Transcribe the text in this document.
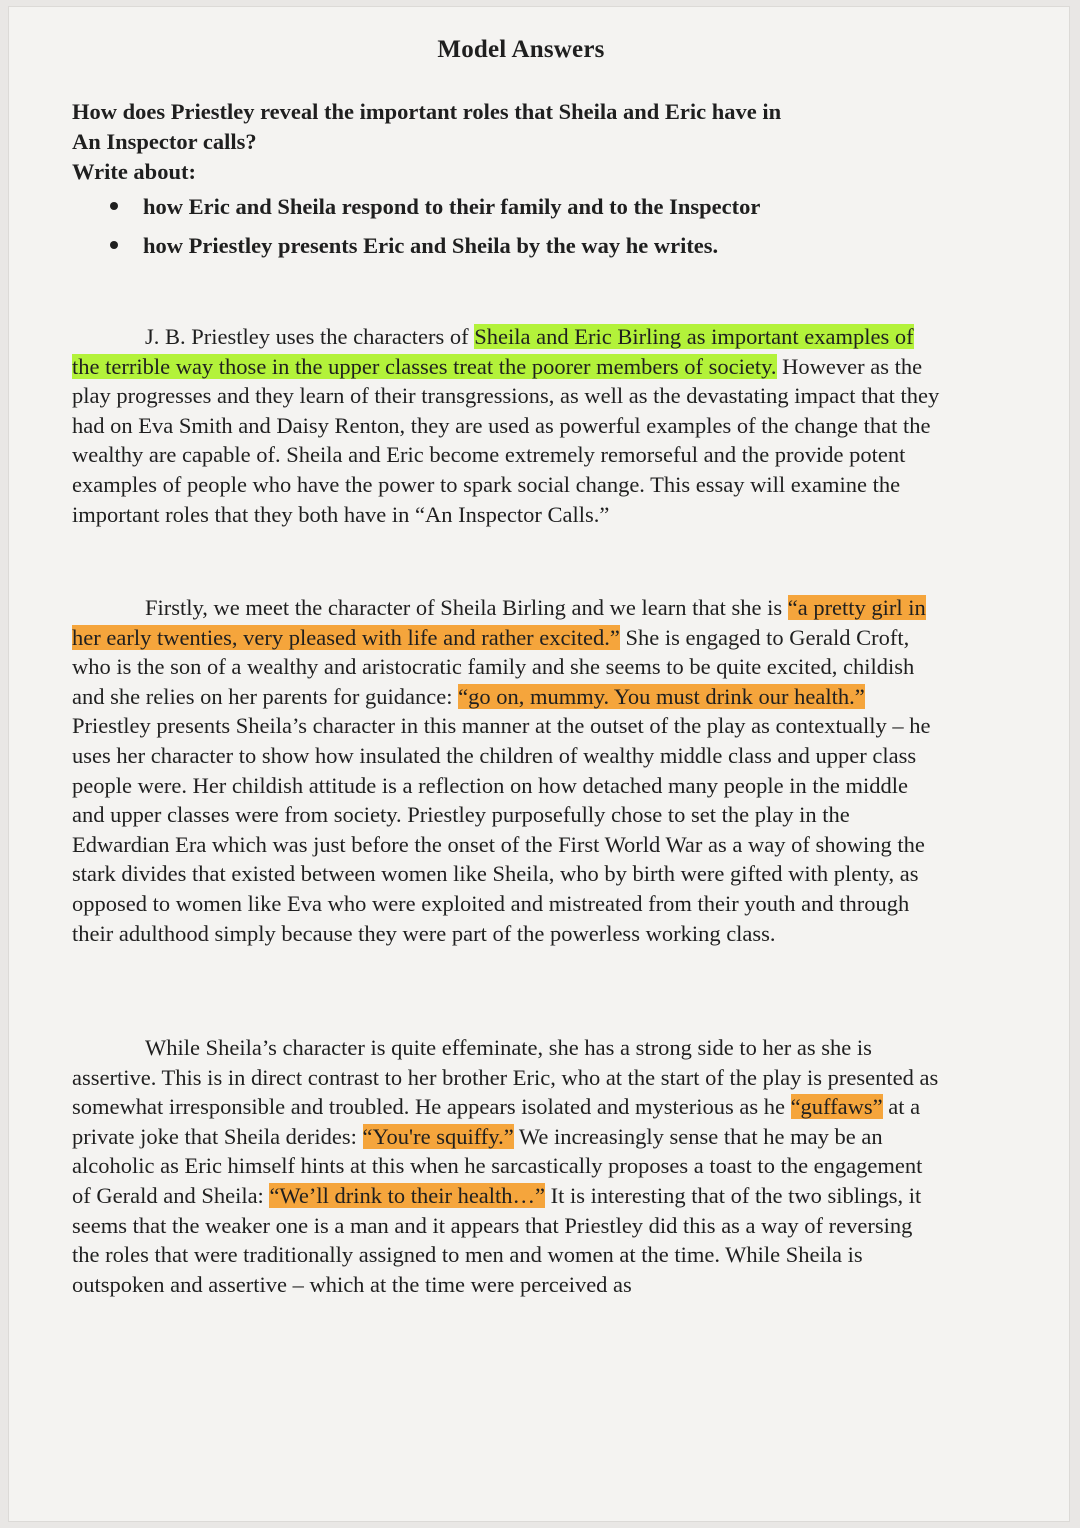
Model Answers

How does Priestley reveal the important roles that Sheila and Eric have in

An Inspector calls?

Write about:

how Eric and Sheila respond to their family and to the Inspector
how Priestley presents Eric and Sheila by the way he writes.

J. B. Priestley uses the characters of Sheila and Eric Birling as important examples of the terrible way those in the upper classes treat the poorer members of society. However as the play progresses and they learn of their transgressions, as well as the devastating impact that they had on Eva Smith and Daisy Renton, they are used as powerful examples of the change that the wealthy are capable of. Sheila and Eric become extremely remorseful and the provide potent examples of people who have the power to spark social change. This essay will examine the important roles that they both have in “An Inspector Calls.”

Firstly, we meet the character of Sheila Birling and we learn that she is “a pretty girl in her early twenties, very pleased with life and rather excited.” She is engaged to Gerald Croft, who is the son of a wealthy and aristocratic family and she seems to be quite excited, childish and she relies on her parents for guidance: “go on, mummy. You must drink our health.” Priestley presents Sheila’s character in this manner at the outset of the play as contextually – he uses her character to show how insulated the children of wealthy middle class and upper class people were. Her childish attitude is a reflection on how detached many people in the middle and upper classes were from society. Priestley purposefully chose to set the play in the Edwardian Era which was just before the onset of the First World War as a way of showing the stark divides that existed between women like Sheila, who by birth were gifted with plenty, as opposed to women like Eva who were exploited and mistreated from their youth and through their adulthood simply because they were part of the powerless working class.

While Sheila’s character is quite effeminate, she has a strong side to her as she is assertive. This is in direct contrast to her brother Eric, who at the start of the play is presented as somewhat irresponsible and troubled. He appears isolated and mysterious as he “guffaws” at a private joke that Sheila derides: “You're squiffy.” We increasingly sense that he may be an alcoholic as Eric himself hints at this when he sarcastically proposes a toast to the engagement of Gerald and Sheila: “We’ll drink to their health…” It is interesting that of the two siblings, it seems that the weaker one is a man and it appears that Priestley did this as a way of reversing the roles that were traditionally assigned to men and women at the time. While Sheila is outspoken and assertive – which at the time were perceived as
